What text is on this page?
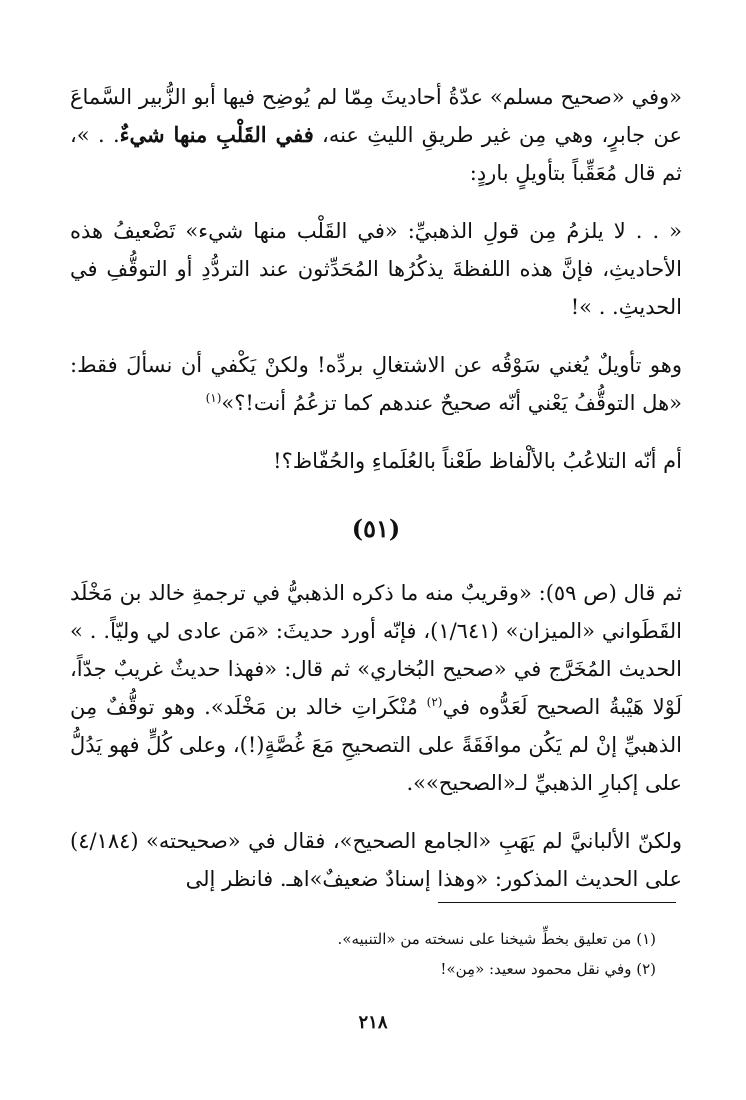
«وفي «صحيح مسلم» عدّةُ أحاديثَ مِمّا لم يُوضِح فيها أبو الزُّبير السَّماعَ عن جابرٍ، وهي مِن غير طريقِ الليثِ عنه، ففي القَلْبِ منها شيءٌ. . »، ثم قال مُعَقِّباً بتأويلٍ باردٍ:

« . . لا يلزمُ مِن قولِ الذهبيِّ: «في القَلْب منها شيء» تَضْعيفُ هذه الأحاديثِ، فإنَّ هذه اللفظةَ يذكُرُها المُحَدِّثون عند التردُّدِ أو التوقُّفِ في الحديثِ. . »!

وهو تأويلٌ يُغني سَوْقُه عن الاشتغالِ بردِّه! ولكنْ يَكْفي أن نسألَ فقط: «هل التوقُّفُ يَعْني أنّه صحيحٌ عندهم كما تزعُمُ أنت!؟»$^{(١)}$

أم أنّه التلاعُبُ بالألْفاظ طَعْناً بالعُلَماءِ والحُفّاظ؟!

(٥١)

ثم قال (ص ٥٩): «وقريبٌ منه ما ذكره الذهبيُّ في ترجمةِ خالد بن مَخْلَد القَطَواني «الميزان» (١/٦٤١)، فإنّه أورد حديثَ: «مَن عادى لي وليّاً. . » الحديث المُخَرَّج في «صحيح البُخاري» ثم قال: «فهذا حديثٌ غريبٌ جدّاً، لَوْلا هَيْبةُ الصحيح لَعَدُّوه في$^{(٢)}$ مُنْكَراتِ خالد بن مَخْلَد». وهو توقُّفٌ مِن الذهبيِّ إنْ لم يَكُن موافَقَةً على التصحيحِ مَعَ غُصَّةٍ(!)، وعلى كُلٍّ فهو يَدُلُّ على إكبارِ الذهبيِّ لـ«الصحيح»».

ولكنّ الألبانيَّ لم يَهَبِ «الجامع الصحيح»، فقال في «صحيحته» (٤/١٨٤) على الحديث المذكور: «وهذا إسنادٌ ضعيفٌ»اهـ. فانظر إلى

(١) من تعليق بخطِّ شيخنا على نسخته من «التنبيه».

(٢) وفي نقل محمود سعيد: «مِن»!

٢١٨
